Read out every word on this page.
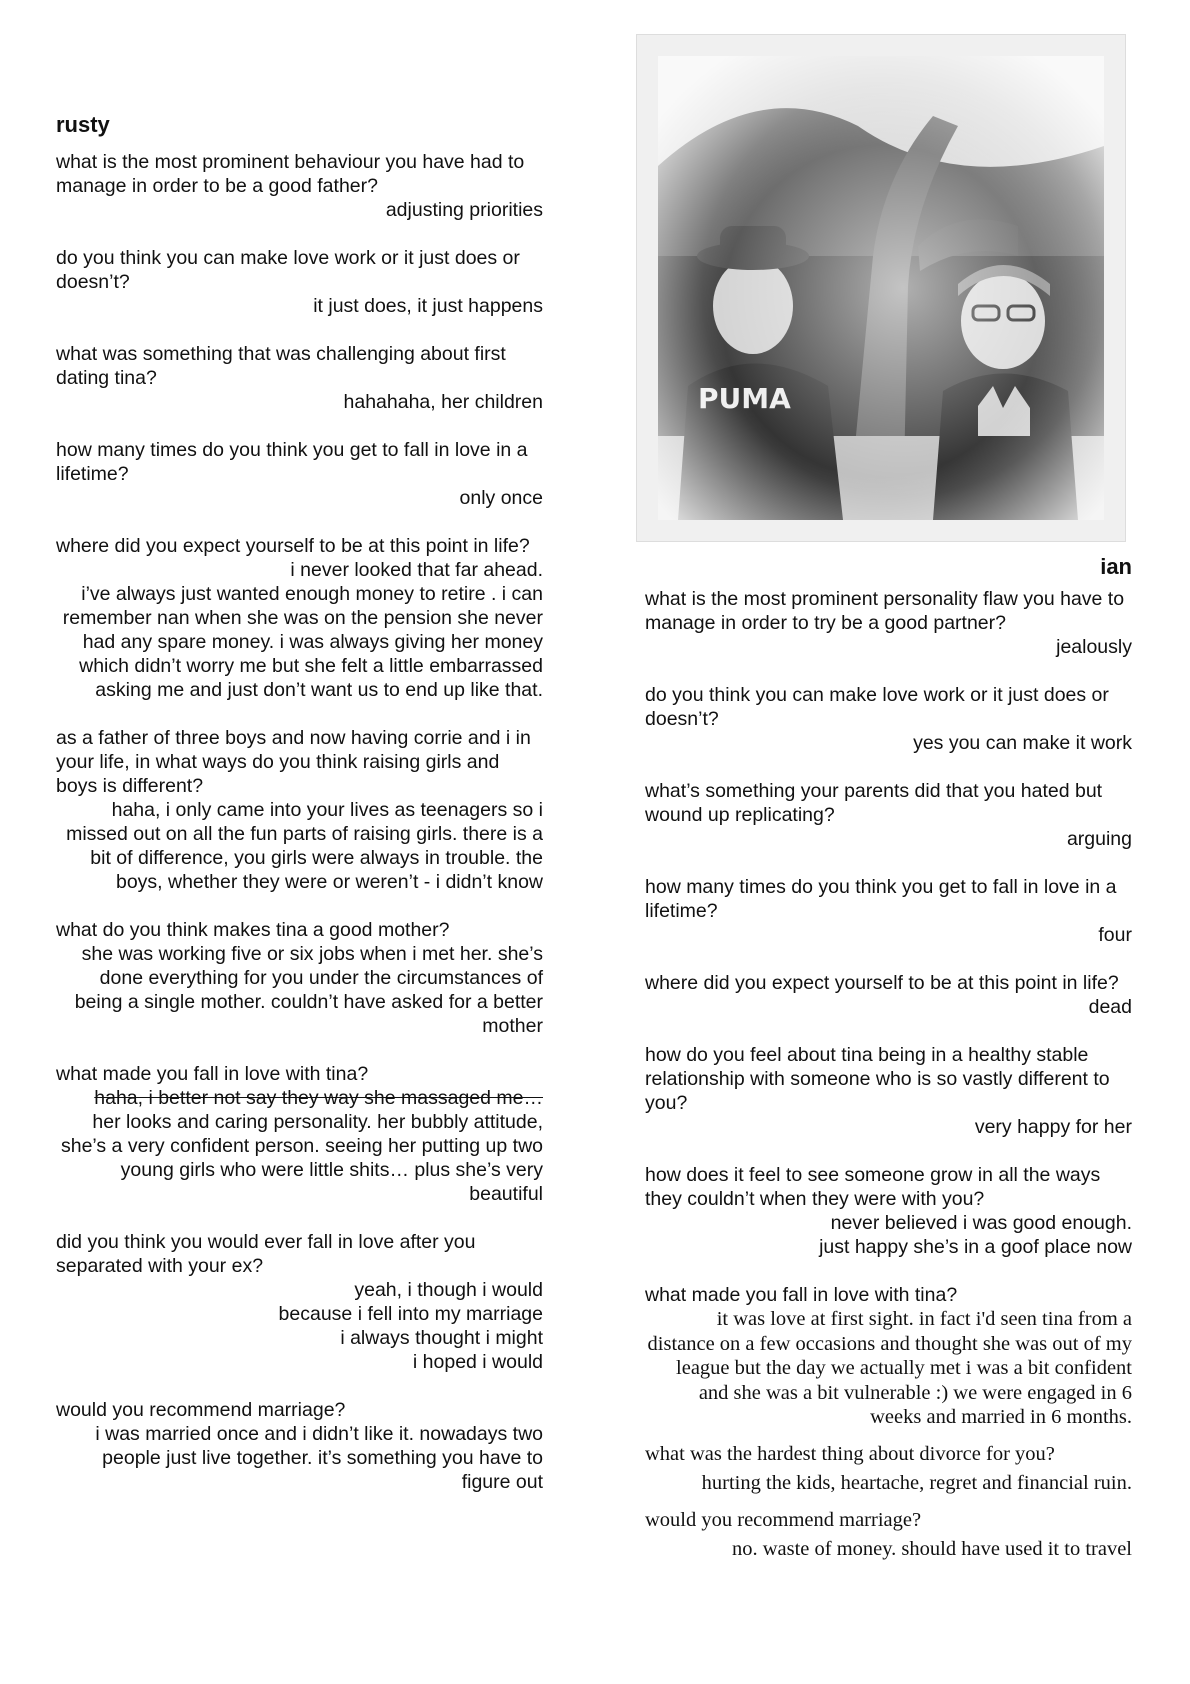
rusty
what is the most prominent behaviour you have had to manage in order to be a good father?
adjusting priorities
do you think you can make love work or it just does or doesn’t?
it just does, it just happens
what was something that was challenging about first dating tina?
hahahaha, her children
how many times do you think you get to fall in love in a lifetime?
only once
where did you expect yourself to be at this point in life?
i never looked that far ahead.
i’ve always just wanted enough money to retire . i can remember nan when she was on the pension she never had any spare money. i was always giving her money which didn’t worry me but she felt a little embarrassed asking me and just don’t want us to end up like that.
as a father of three boys and now having corrie and i in your life, in what ways do you think raising girls and boys is different?
haha, i only came into your lives as teenagers so i missed out on all the fun parts of raising girls. there is a bit of difference, you girls were always in trouble. the boys, whether they were or weren’t - i didn’t know
what do you think makes tina a good mother?
she was working five or six jobs when i met her. she’s done everything for you under the circumstances of being a single mother. couldn’t have asked for a better mother
what made you fall in love with tina?
haha, i better not say they way she massaged me…
her looks and caring personality. her bubbly attitude, she’s a very confident person. seeing her putting up two young girls who were little shits… plus she’s very beautiful
did you think you would ever fall in love after you separated with your ex?
yeah, i though i would
because i fell into my marriage
i always thought i might
i hoped i would
would you recommend marriage?
i was married once and i didn’t like it. nowadays two people just live together. it’s something you have to figure out
ian
what is the most prominent personality flaw you have to manage in order to try be a good partner?
jealously
do you think you can make love work or it just does or doesn’t?
yes you can make it work
what’s something your parents did that you hated but wound up replicating?
arguing
how many times do you think you get to fall in love in a lifetime?
four
where did you expect yourself to be at this point in life?
dead
how do you feel about tina being in a healthy stable relationship with someone who is so vastly different to you?
very happy for her
how does it feel to see someone grow in all the ways they couldn’t when they were with you?
never believed i was good enough.
just happy she’s in a goof place now
what made you fall in love with tina?
it was love at first sight. in fact i'd seen tina from a distance on a few occasions and thought she was out of my league but the day we actually met i was a bit confident and she was a bit vulnerable :) we were engaged in 6 weeks and married in 6 months.
what was the hardest thing about divorce for you?
hurting the kids, heartache, regret and financial ruin.
would you recommend marriage?
no. waste of money. should have used it to travel
